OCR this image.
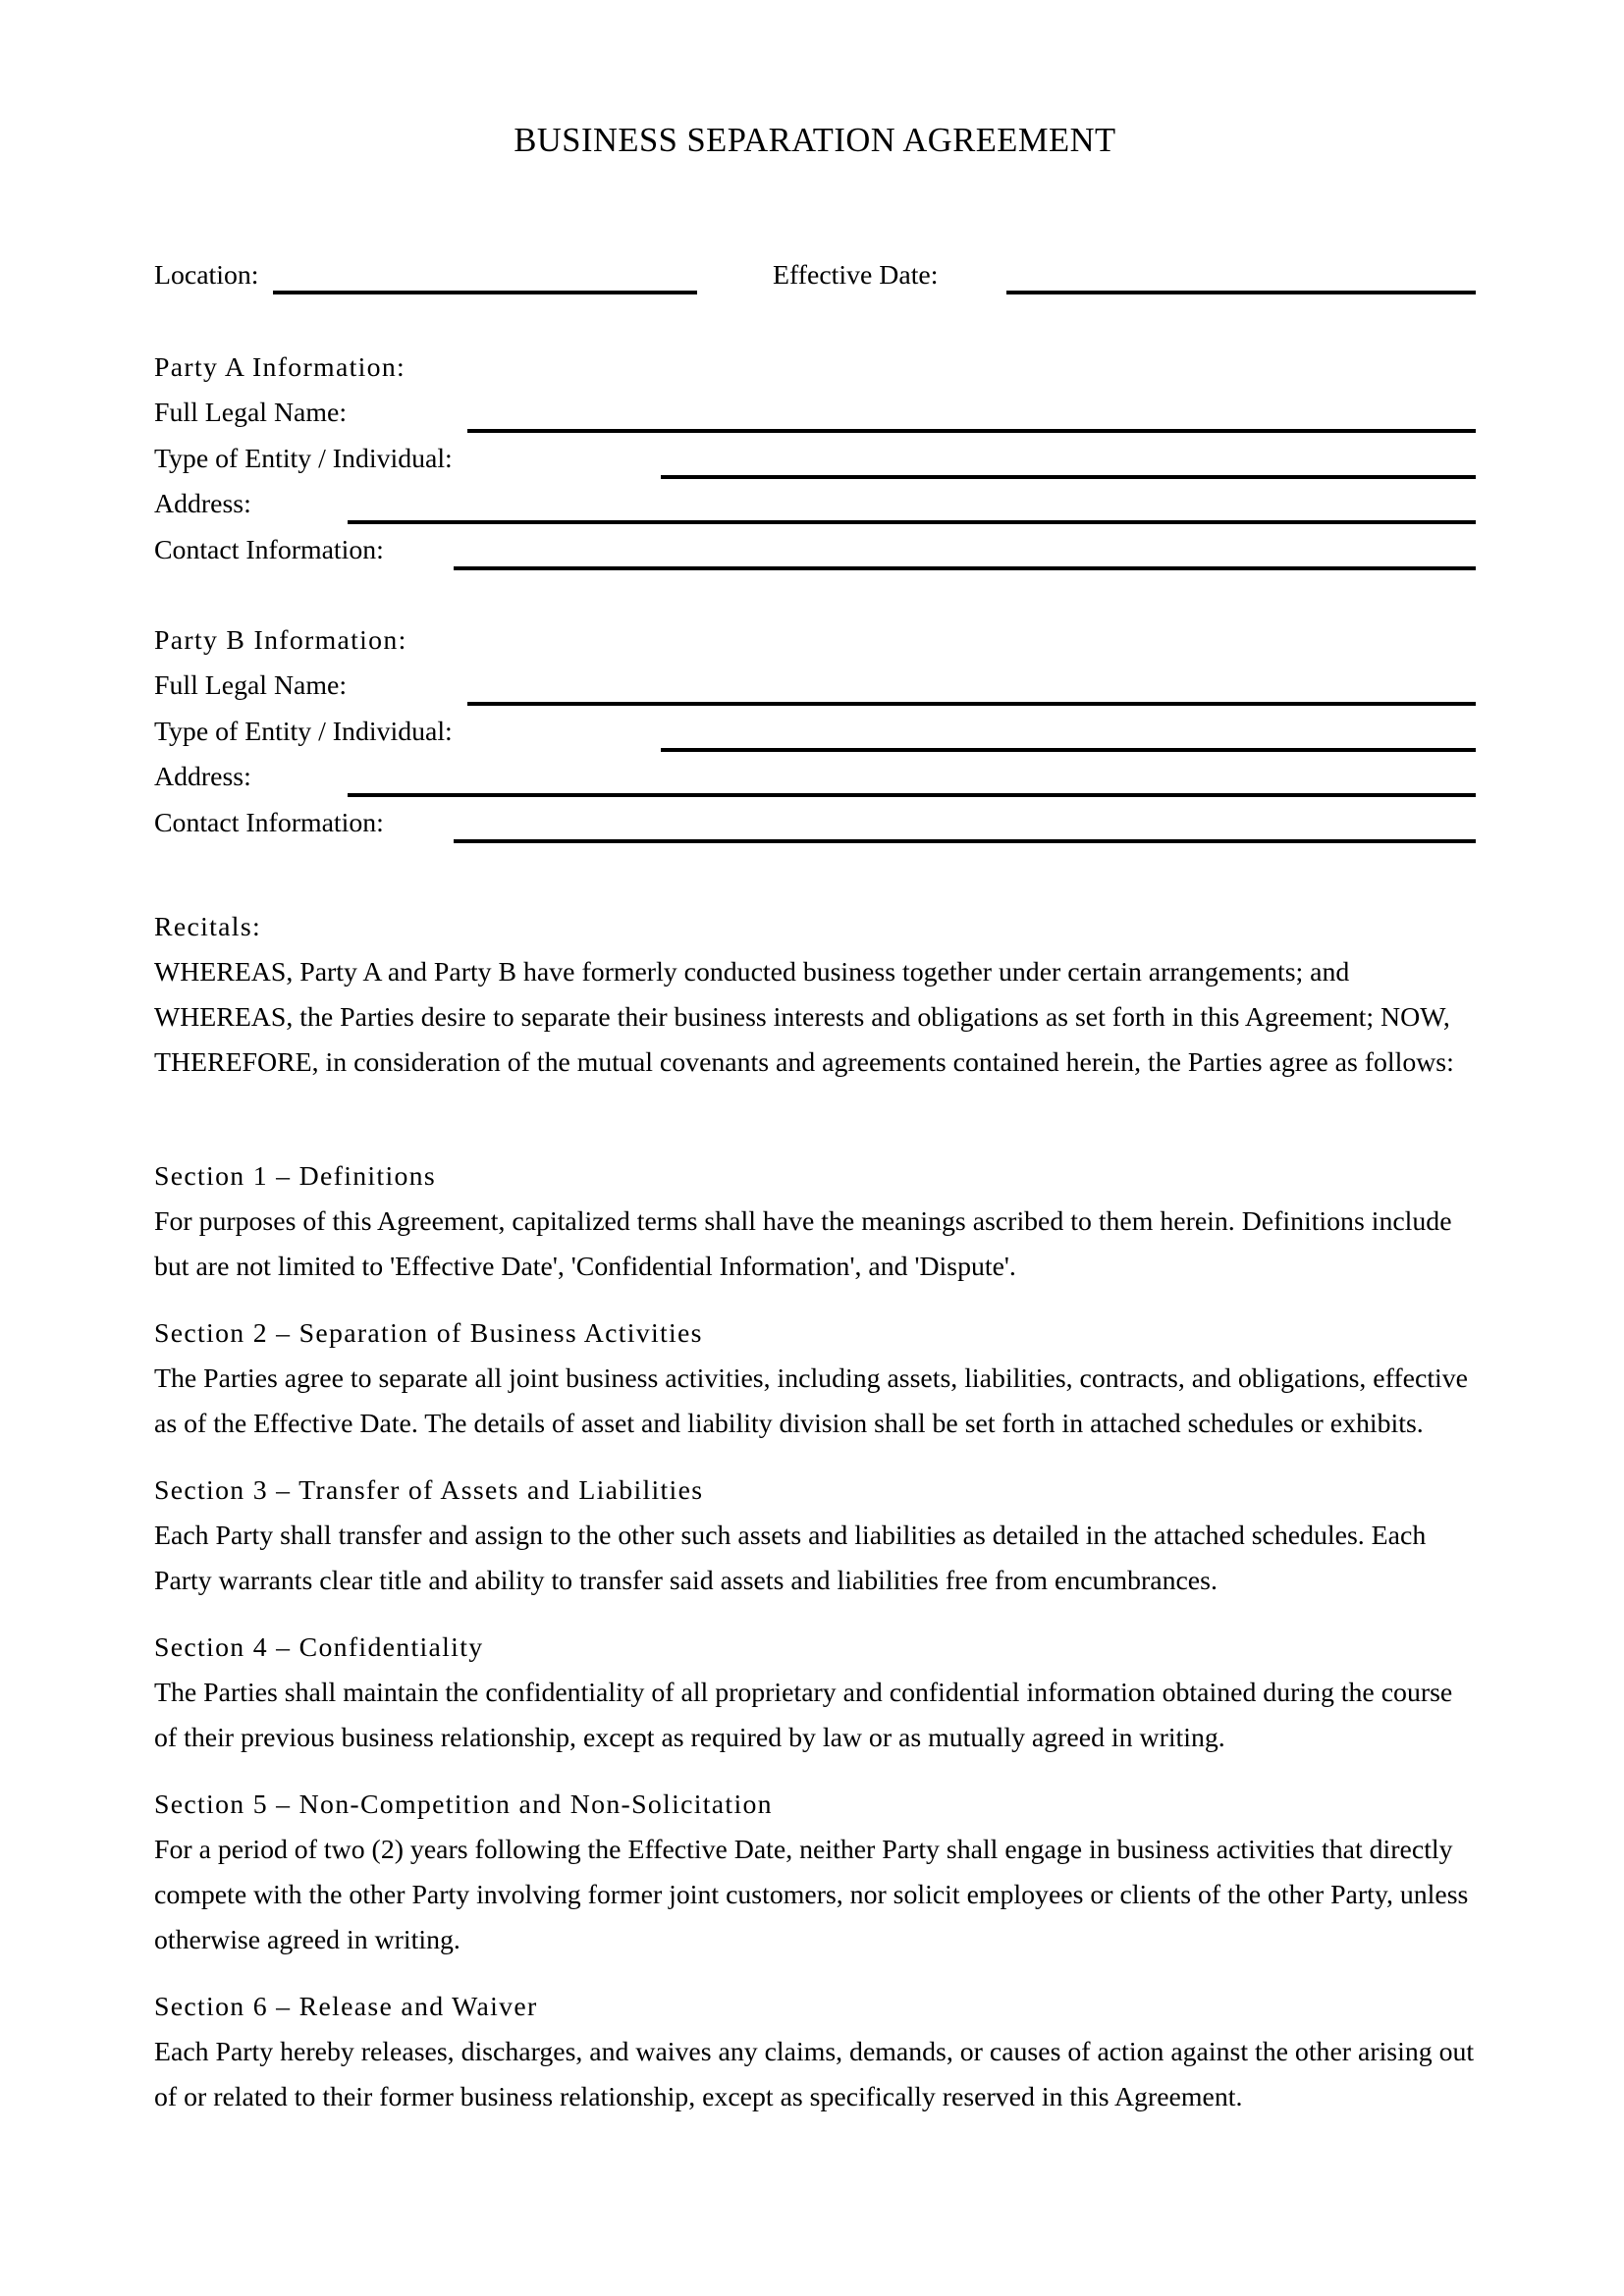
BUSINESS SEPARATION AGREEMENT
Location:	Effective Date:
Party A Information:
Full Legal Name:
Type of Entity / Individual:
Address:
Contact Information:
Party B Information:
Full Legal Name:
Type of Entity / Individual:
Address:
Contact Information:
Recitals:

WHEREAS, Party A and Party B have formerly conducted business together under certain arrangements; and WHEREAS, the Parties desire to separate their business interests and obligations as set forth in this Agreement; NOW, THEREFORE, in consideration of the mutual covenants and agreements contained herein, the Parties agree as follows:

Section 1 – Definitions

For purposes of this Agreement, capitalized terms shall have the meanings ascribed to them herein. Definitions include but are not limited to 'Effective Date', 'Confidential Information', and 'Dispute'.

Section 2 – Separation of Business Activities

The Parties agree to separate all joint business activities, including assets, liabilities, contracts, and obligations, effective as of the Effective Date. The details of asset and liability division shall be set forth in attached schedules or exhibits.

Section 3 – Transfer of Assets and Liabilities

Each Party shall transfer and assign to the other such assets and liabilities as detailed in the attached schedules. Each Party warrants clear title and ability to transfer said assets and liabilities free from encumbrances.

Section 4 – Confidentiality

The Parties shall maintain the confidentiality of all proprietary and confidential information obtained during the course of their previous business relationship, except as required by law or as mutually agreed in writing.

Section 5 – Non-Competition and Non-Solicitation

For a period of two (2) years following the Effective Date, neither Party shall engage in business activities that directly compete with the other Party involving former joint customers, nor solicit employees or clients of the other Party, unless otherwise agreed in writing.

Section 6 – Release and Waiver

Each Party hereby releases, discharges, and waives any claims, demands, or causes of action against the other arising out of or related to their former business relationship, except as specifically reserved in this Agreement.
